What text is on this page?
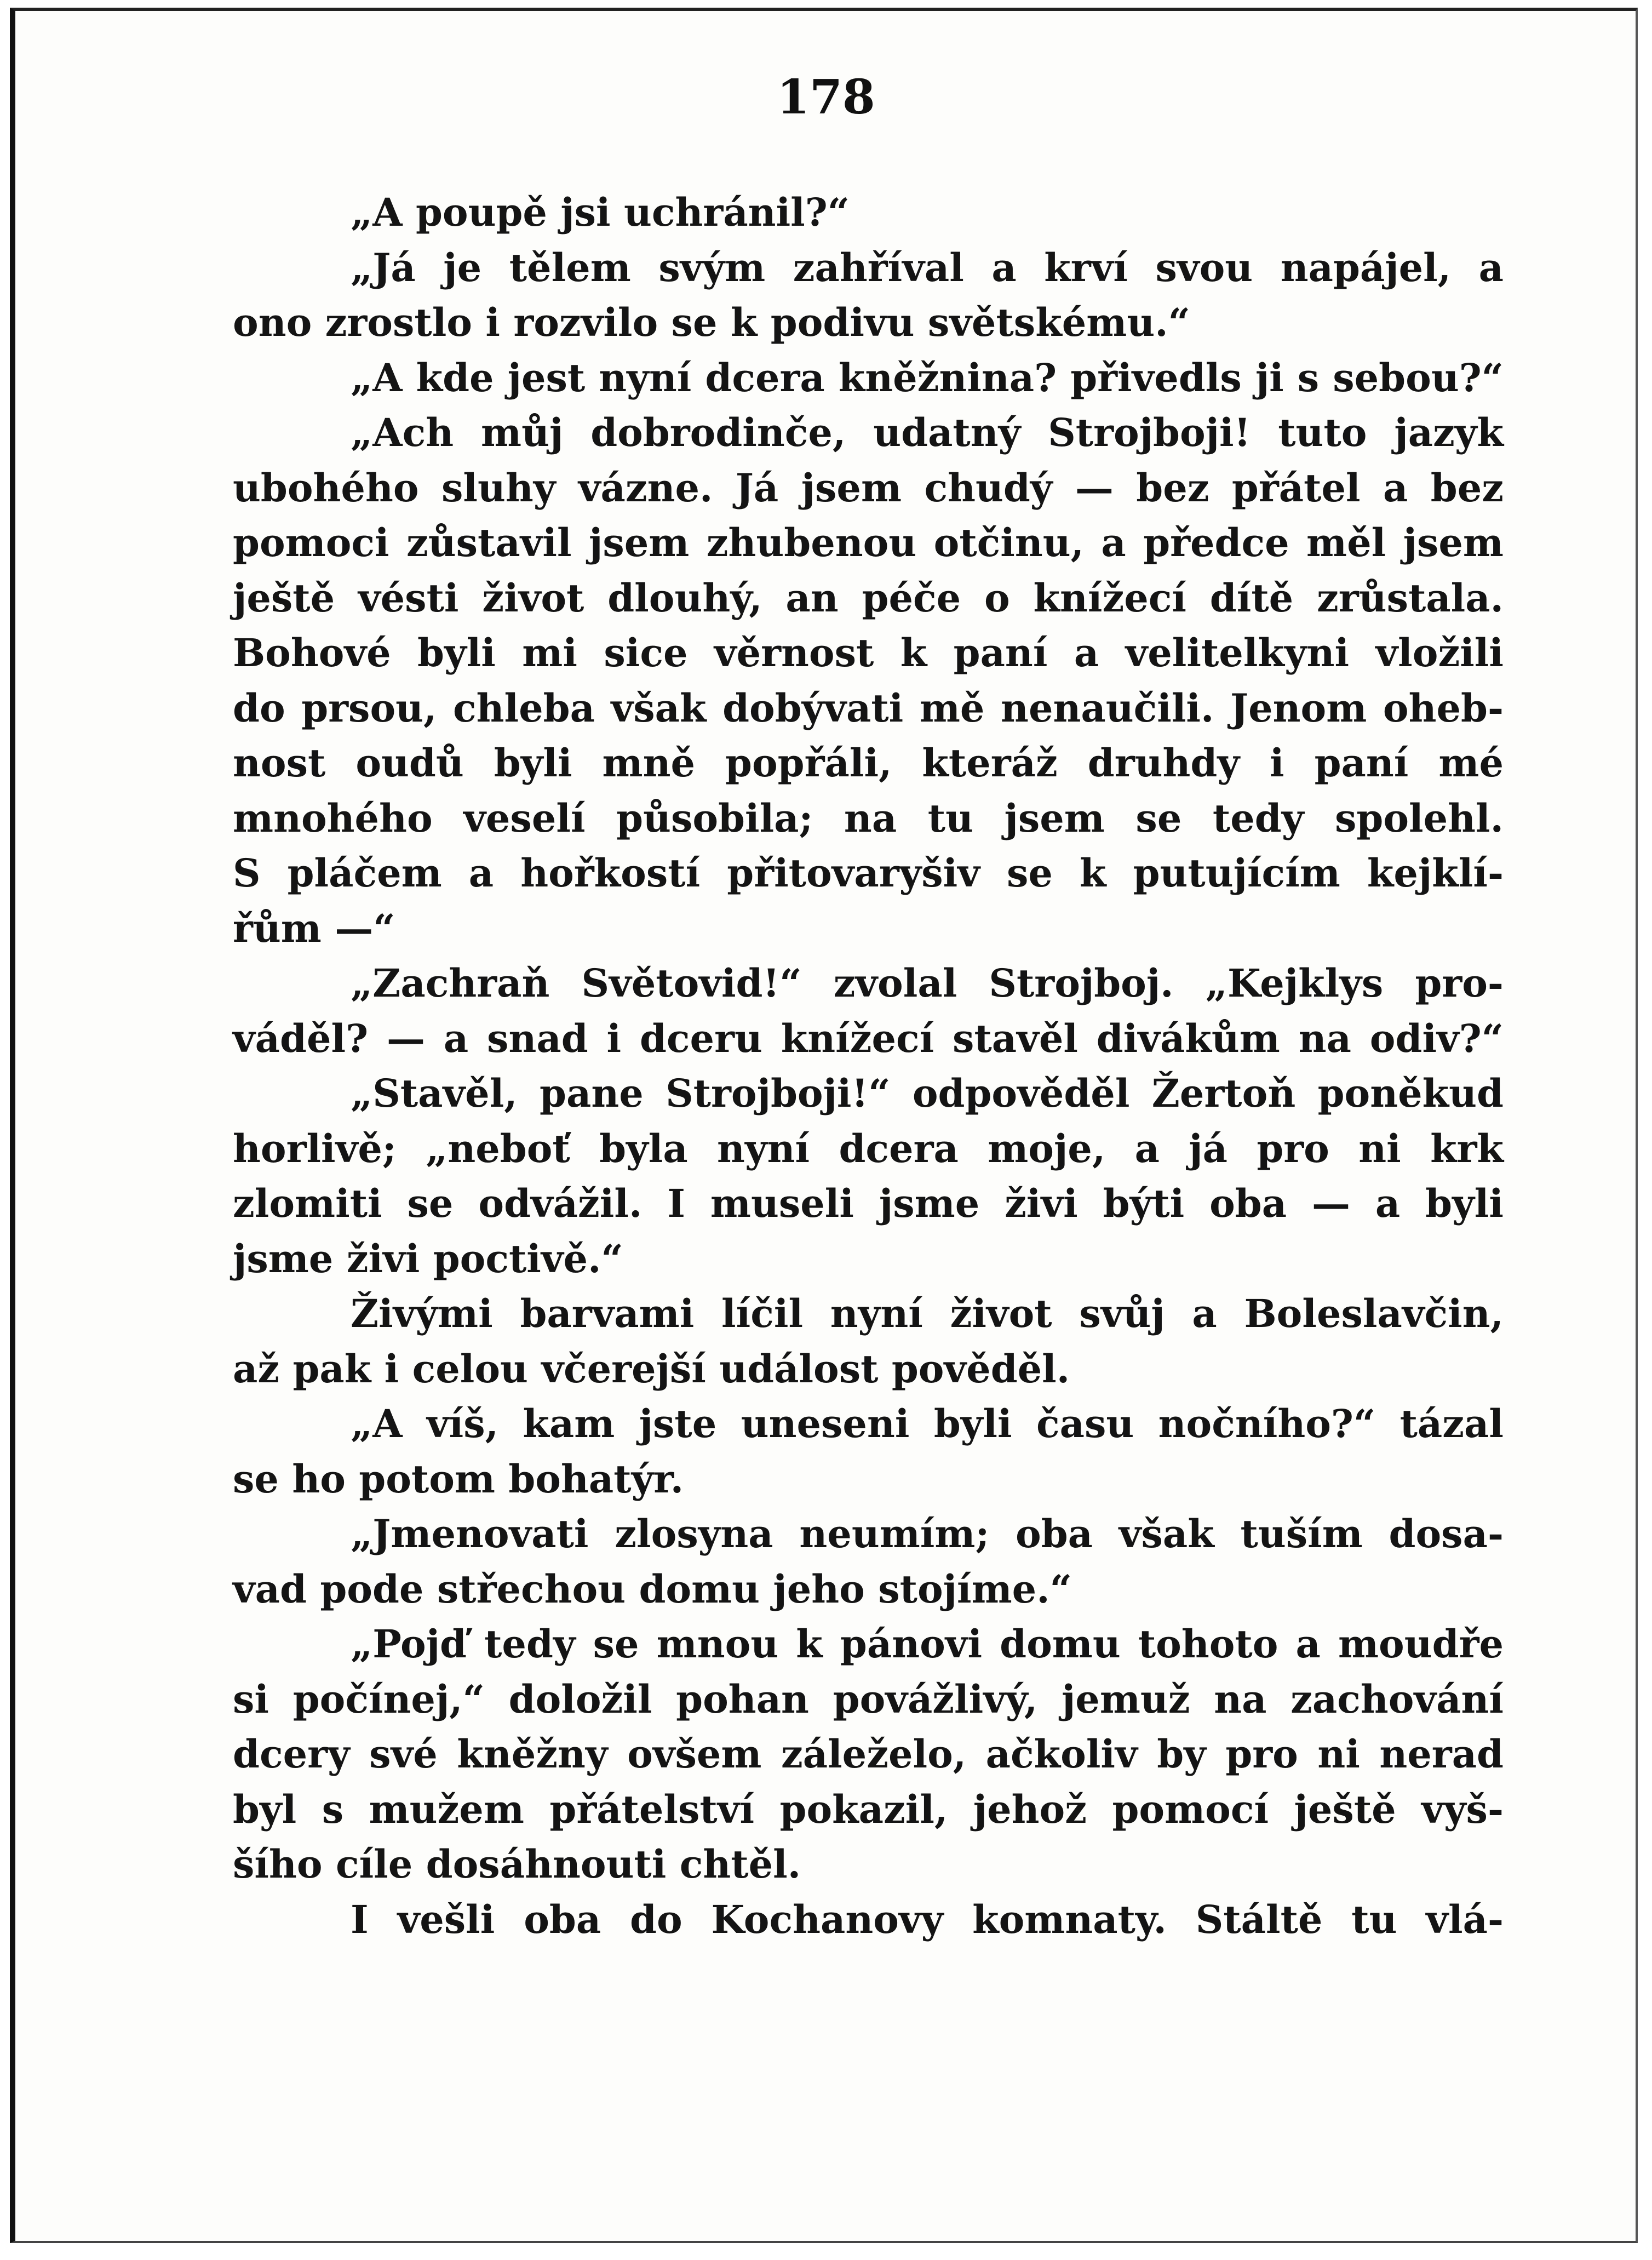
178
„A poupě jsi uchránil?“
„Já je tělem svým zahříval a krví svou napájel, a
ono zrostlo i rozvilo se k podivu světskému.“
„A kde jest nyní dcera kněžnina? přivedls ji s sebou?“
„Ach můj dobrodinče, udatný Strojboji! tuto jazyk
ubohého sluhy vázne. Já jsem chudý — bez přátel a bez
pomoci zůstavil jsem zhubenou otčinu, a předce měl jsem
ještě vésti život dlouhý, an péče o knížecí dítě zrůstala.
Bohové byli mi sice věrnost k paní a velitelkyni vložili
do prsou, chleba však dobývati mě nenaučili. Jenom oheb-
nost oudů byli mně popřáli, kteráž druhdy i paní mé
mnohého veselí působila; na tu jsem se tedy spolehl.
S pláčem a hořkostí přitovaryšiv se k putujícím kejklí-
řům —“
„Zachraň Světovid!“ zvolal Strojboj. „Kejklys pro-
váděl? — a snad i dceru knížecí stavěl divákům na odiv?“
„Stavěl, pane Strojboji!“ odpověděl Žertoň poněkud
horlivě; „neboť byla nyní dcera moje, a já pro ni krk
zlomiti se odvážil. I museli jsme živi býti oba — a byli
jsme živi poctivě.“
Živými barvami líčil nyní život svůj a Boleslavčin,
až pak i celou včerejší událost pověděl.
„A víš, kam jste uneseni byli času nočního?“ tázal
se ho potom bohatýr.
„Jmenovati zlosyna neumím; oba však tuším dosa-
vad pode střechou domu jeho stojíme.“
„Pojď tedy se mnou k pánovi domu tohoto a moudře
si počínej,“ doložil pohan povážlivý, jemuž na zachování
dcery své kněžny ovšem záleželo, ačkoliv by pro ni nerad
byl s mužem přátelství pokazil, jehož pomocí ještě vyš-
šího cíle dosáhnouti chtěl.
I vešli oba do Kochanovy komnaty. Stáltě tu vlá-
